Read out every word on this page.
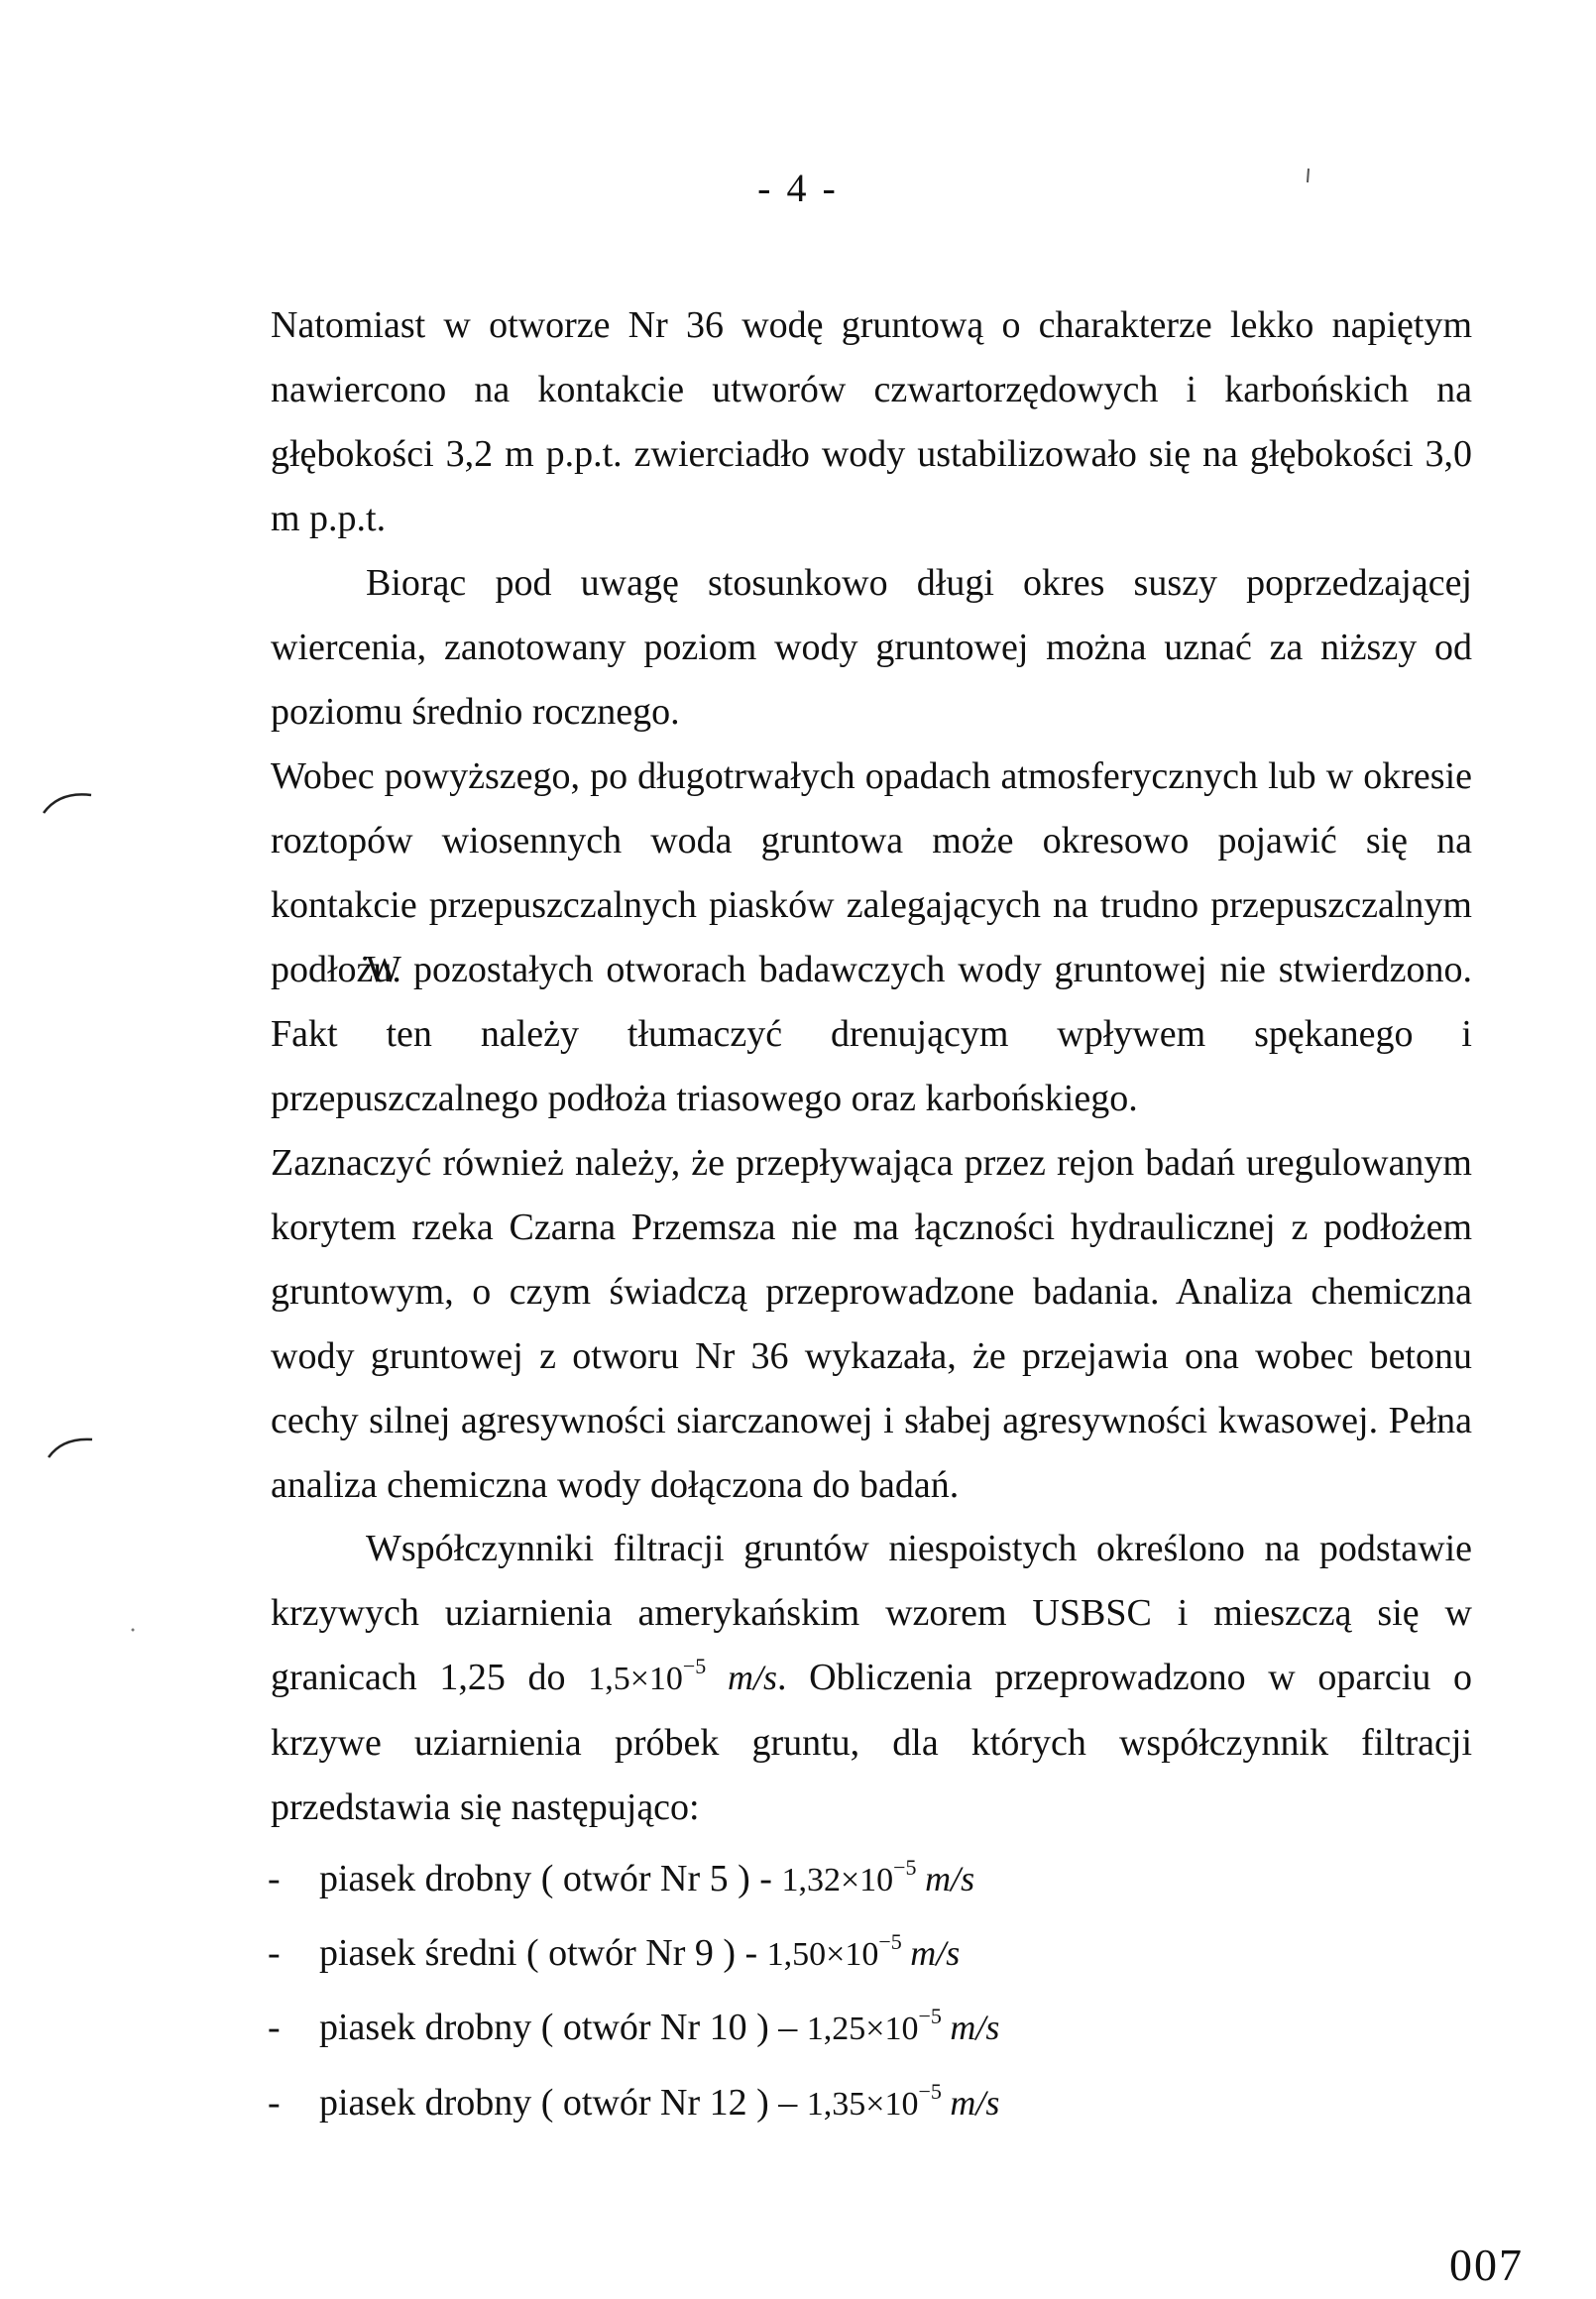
- 4 -

Natomiast w otworze Nr 36 wodę gruntową o charakterze lekko napiętym nawiercono na kontakcie utworów czwartorzędowych i karbońskich na głębokości 3,2 m p.p.t. zwierciadło wody ustabilizowało się na głębokości 3,0 m p.p.t.

Biorąc pod uwagę stosunkowo długi okres suszy poprzedzającej wiercenia, zanotowany poziom wody gruntowej można uznać za niższy od poziomu średnio rocznego.

Wobec powyższego, po długotrwałych opadach atmosferycznych lub w okresie roztopów wiosennych woda gruntowa może okresowo pojawić się na kontakcie przepuszczalnych piasków zalegających na trudno przepuszczalnym podłożu.

W pozostałych otworach badawczych wody gruntowej nie stwierdzono. Fakt ten należy tłumaczyć drenującym wpływem spękanego i przepuszczalnego podłoża triasowego oraz karbońskiego.

Zaznaczyć również należy, że przepływająca przez rejon badań uregulowanym korytem rzeka Czarna Przemsza nie ma łączności hydraulicznej z podłożem gruntowym, o czym świadczą przeprowadzone badania. Analiza chemiczna wody gruntowej z otworu Nr 36 wykazała, że przejawia ona wobec betonu cechy silnej agresywności siarczanowej i słabej agresywności kwasowej. Pełna analiza chemiczna wody dołączona do badań.

Współczynniki filtracji gruntów niespoistych określono na podstawie krzywych uziarnienia amerykańskim wzorem USBSC i mieszczą się w granicach 1,25 do $1,5\times 10^{-5}$ m/s. Obliczenia przeprowadzono w oparciu o krzywe uziarnienia próbek gruntu, dla których współczynnik filtracji przedstawia się następująco:

- piasek drobny ( otwór Nr 5 ) - $1,32\times 10^{-5}$ m/s
- piasek średni ( otwór Nr 9 ) - $1,50\times 10^{-5}$ m/s
- piasek drobny ( otwór Nr 10 ) – $1,25\times 10^{-5}$ m/s
- piasek drobny ( otwór Nr 12 ) – $1,35\times 10^{-5}$ m/s
007
